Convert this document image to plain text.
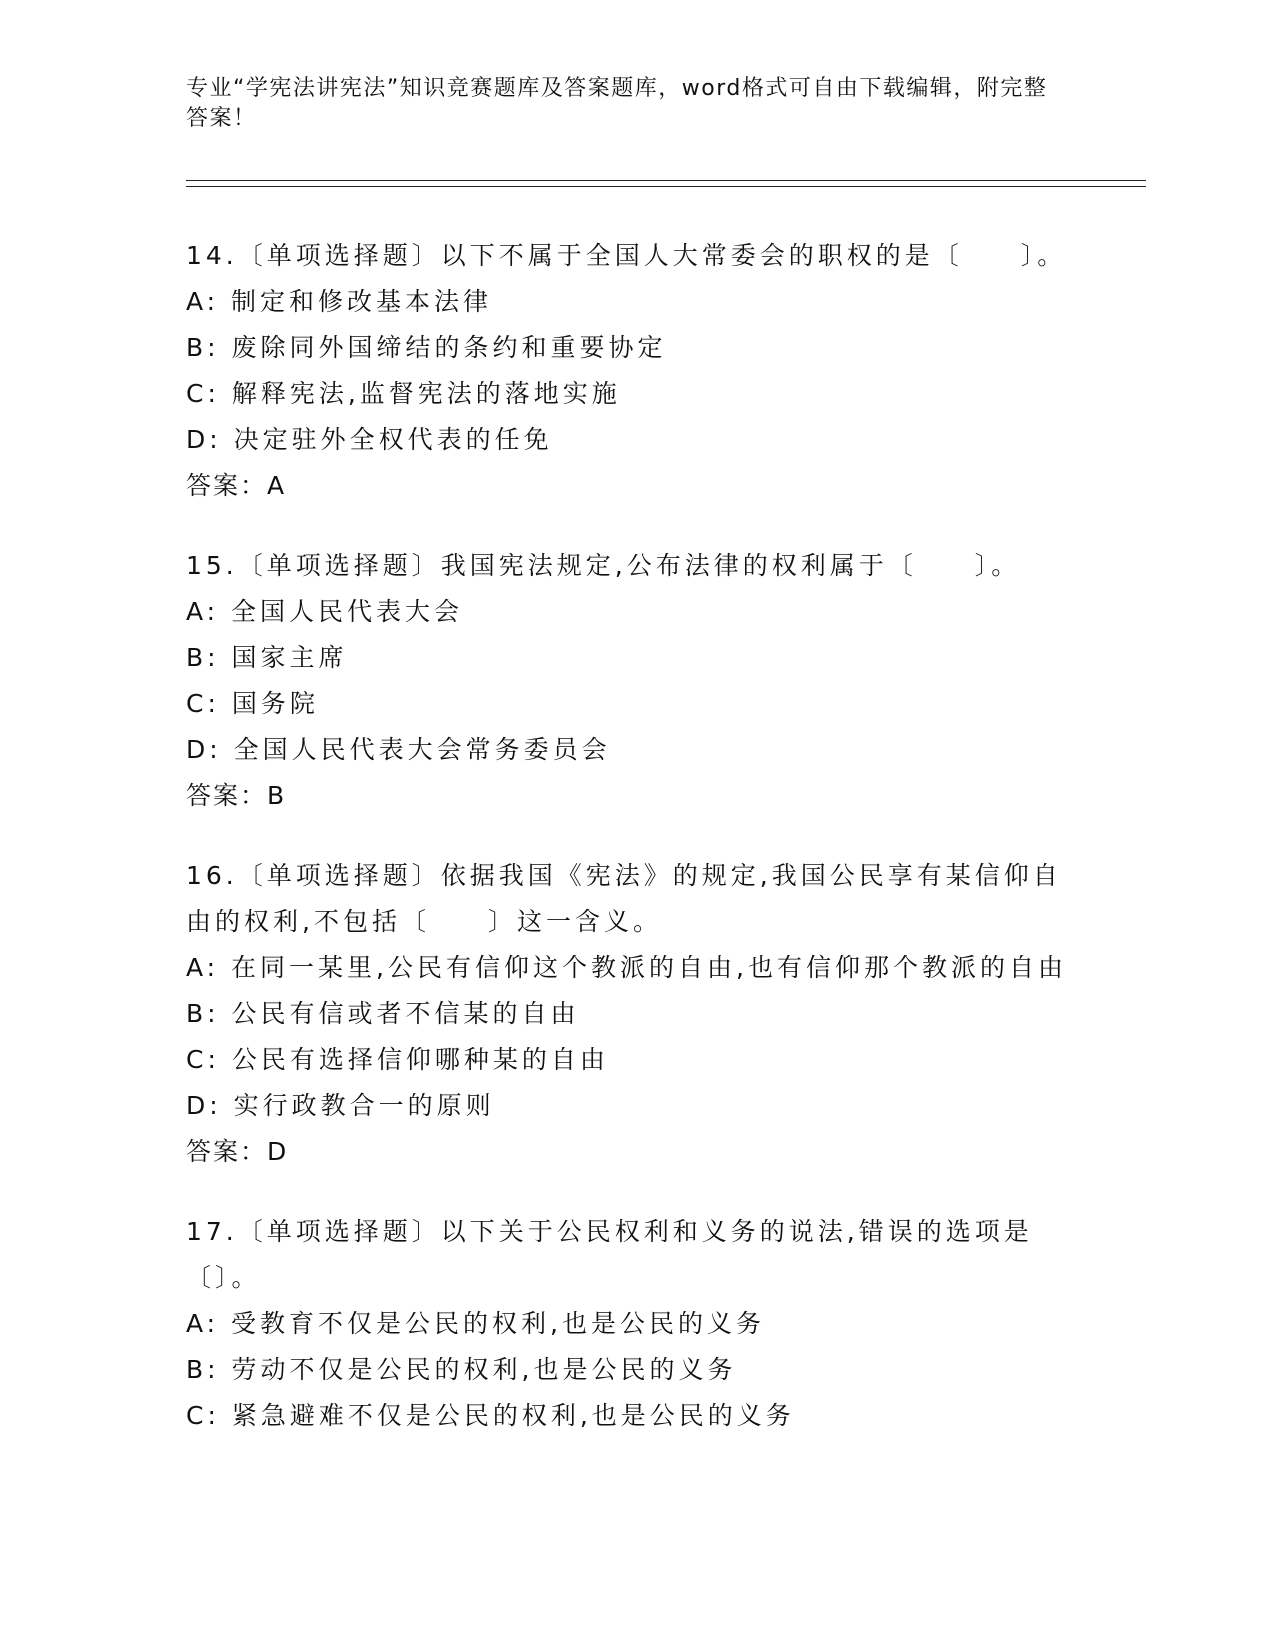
专业“学宪法讲宪法”知识竞赛题库及答案题库，word格式可自由下载编辑，附完整答案！

14.〔单项选择题〕以下不属于全国人大常委会的职权的是〔　　〕。

A: 制定和修改基本法律

B: 废除同外国缔结的条约和重要协定

C: 解释宪法,监督宪法的落地实施

D: 决定驻外全权代表的任免

答案：A

15.〔单项选择题〕我国宪法规定,公布法律的权利属于〔　　〕。

A: 全国人民代表大会

B: 国家主席

C: 国务院

D: 全国人民代表大会常务委员会

答案：B

16.〔单项选择题〕依据我国《宪法》的规定,我国公民享有某信仰自由的权利,不包括〔　　〕这一含义。

A: 在同一某里,公民有信仰这个教派的自由,也有信仰那个教派的自由

B: 公民有信或者不信某的自由

C: 公民有选择信仰哪种某的自由

D: 实行政教合一的原则

答案：D

17.〔单项选择题〕以下关于公民权利和义务的说法,错误的选项是〔〕。

A: 受教育不仅是公民的权利,也是公民的义务

B: 劳动不仅是公民的权利,也是公民的义务

C: 紧急避难不仅是公民的权利,也是公民的义务
